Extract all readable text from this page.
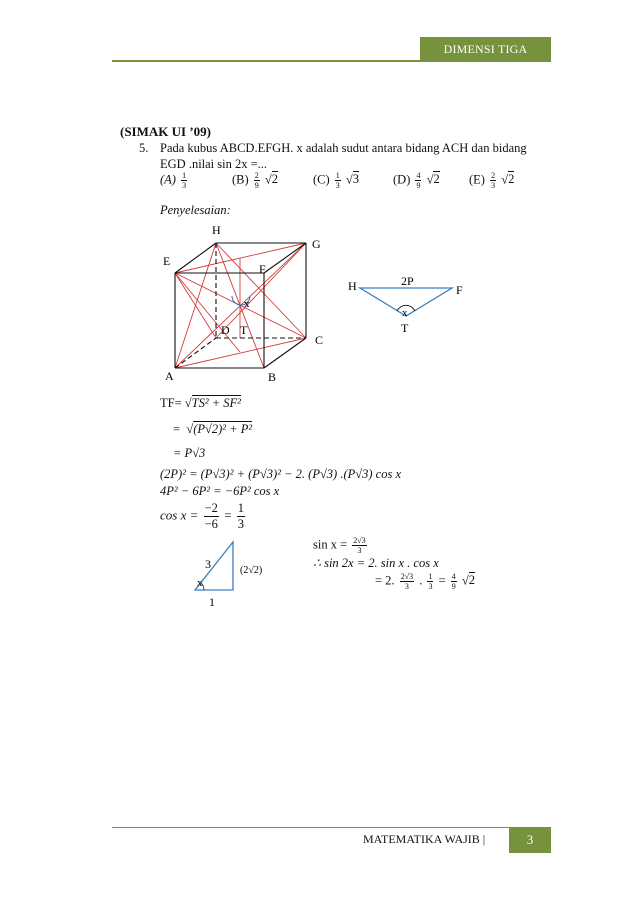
DIMENSI TIGA
(SIMAK UI ’09)
5. Pada kubus ABCD.EFGH. x adalah sudut antara bidang ACH dan bidang
EGD .nilai sin 2x =...
$(A) \frac{1}{3}$	$(B) \frac{2}{9} √2$	$(C) \frac{1}{3} √3$	$(D) \frac{4}{9} √2$ $(E) \frac{2}{3} √2$
Penyelesaian:
H
G
E
F
x
D T
C
A	B
H	F
2P
x
T
TF= √TS² + SF²
=  √(P√2)² + P²
= P√3
(2P)² = (P√3)² + (P√3)² − 2. (P√3) .(P√3) cos x
4P² − 6P² = −6P² cos x
$\cos x = \frac{-2}{-6} = \frac{1}{3}$
3
x
(2√2)
1
$\sin x = \frac{2√3}{3}$
∴ sin 2x = 2. sin x . cos x
= 2. $\frac{2√3}{3}$ . $\frac{1}{3} = \frac{4}{9} √2$
MATEMATIKA WAJIB |	3
